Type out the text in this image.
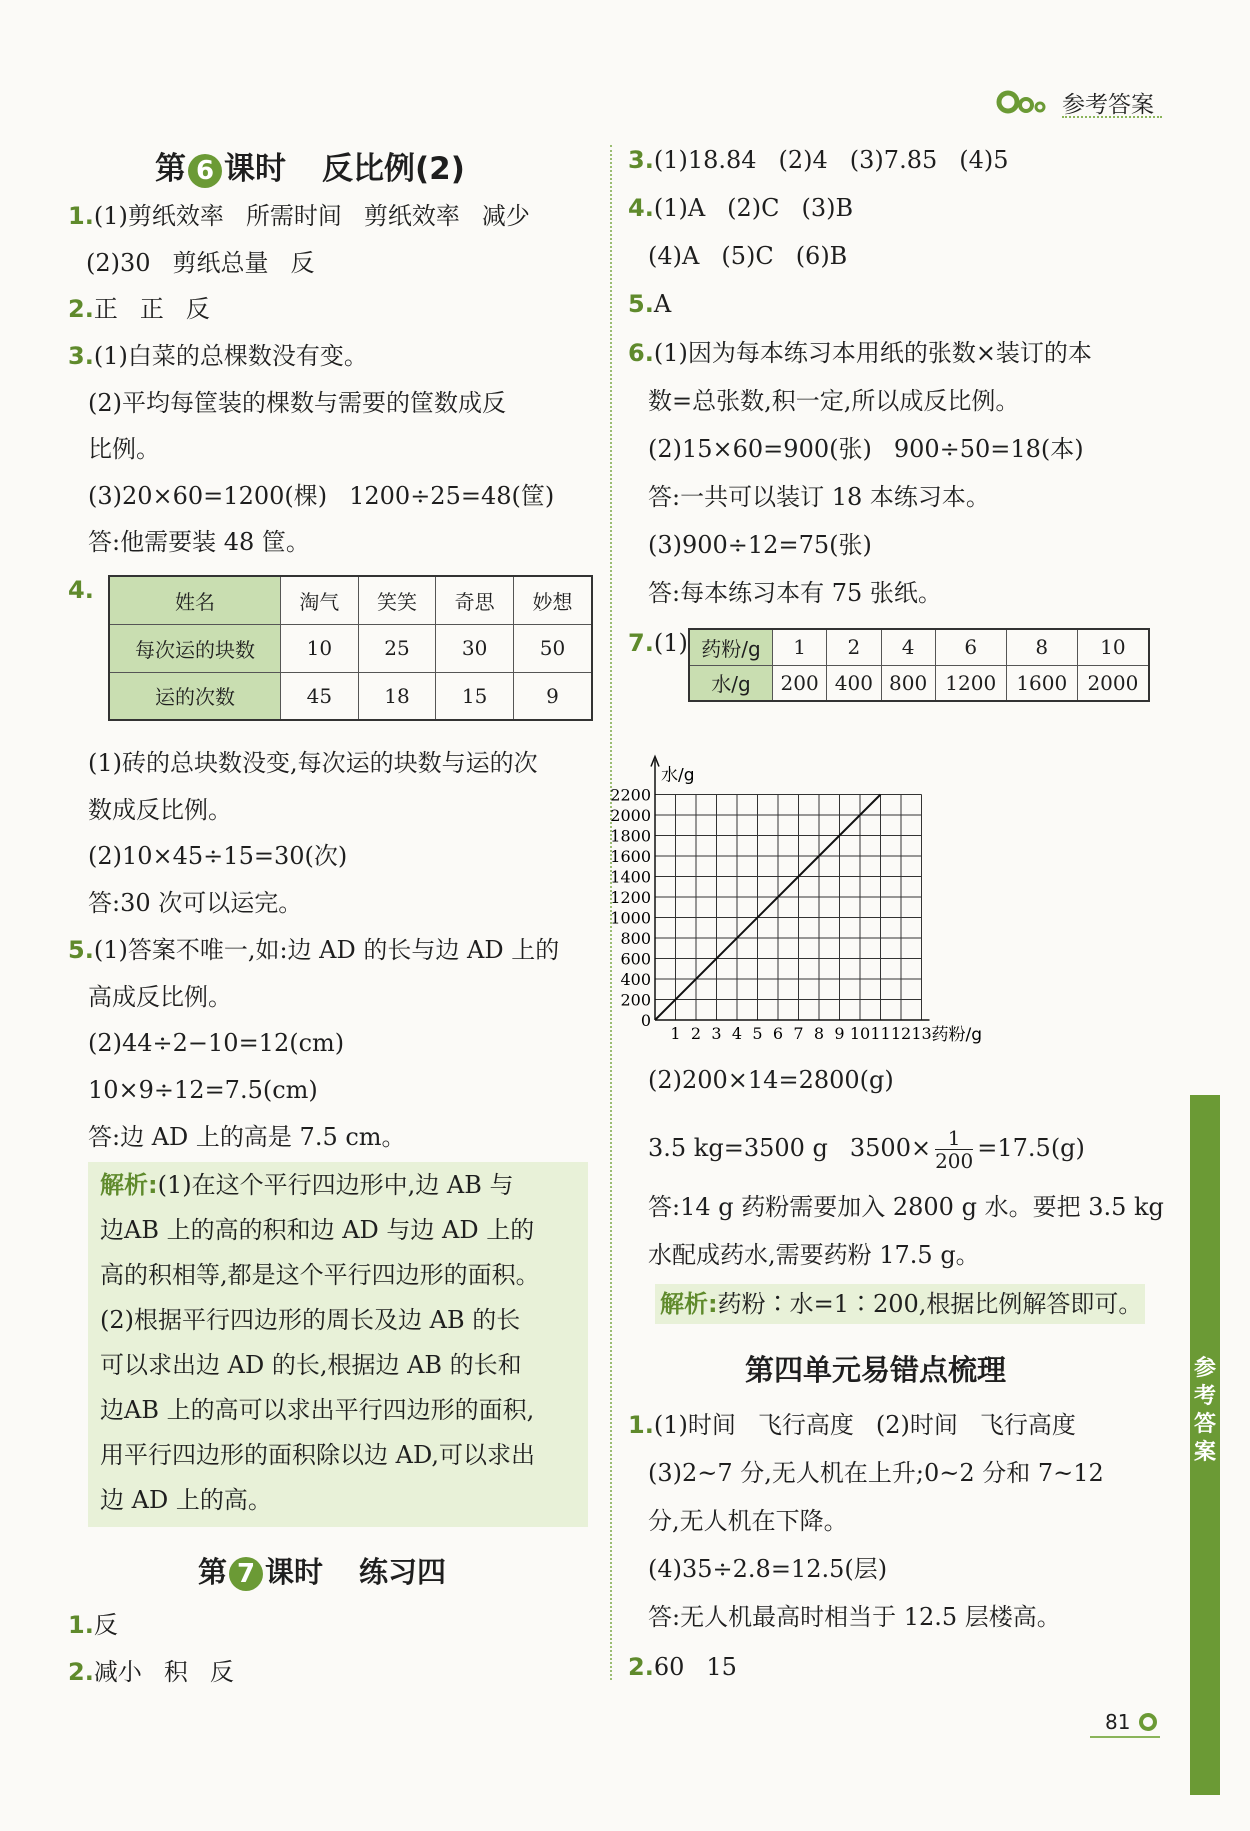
参考答案
参考答案
第 6 课时 反比例(2)
1.(1)剪纸效率 所需时间 剪纸效率 减少
(2)30 剪纸总量 反
2.正 正 反
3.(1)白菜的总棵数没有变。
(2)平均每筐装的棵数与需要的筐数成反
比例。
(3)20×60=1200(棵) 1200÷25=48(筐)
答:他需要装 48 筐。
4.	姓名	淘气	笑笑	奇思	妙想
每次运的块数	10	25	30	50
运的次数	45	18	15	9
(1)砖的总块数没变,每次运的块数与运的次
数成反比例。
(2)10×45÷15=30(次)
答:30 次可以运完。
5.(1)答案不唯一,如:边 AD 的长与边 AD 上的
高成反比例。
(2)44÷2−10=12(cm)
10×9÷12=7.5(cm)
答:边 AD 上的高是 7.5 cm。
解析:(1)在这个平行四边形中,边 AB 与
边AB 上的高的积和边 AD 与边 AD 上的
高的积相等,都是这个平行四边形的面积。
(2)根据平行四边形的周长及边 AB 的长
可以求出边 AD 的长,根据边 AB 的长和
边AB 上的高可以求出平行四边形的面积,
用平行四边形的面积除以边 AD,可以求出
边 AD 上的高。
第 7 课时 练习四
1.反
2.减小 积 反
3.(1)18.84 (2)4 (3)7.85 (4)5
4.(1)A (2)C (3)B
(4)A (5)C (6)B
5.A
6.(1)因为每本练习本用纸的张数×装订的本
数=总张数,积一定,所以成反比例。
(2)15×60=900(张) 900÷50=18(本)
答:一共可以装订 18 本练习本。
(3)900÷12=75(张)
答:每本练习本有 75 张纸。
7.(1) 药粉/g	1	2	4	6	8	10
水/g	200	400	800	1200	1600	2000
1 2 3 4 5 6 7 8 9 10 11 12 13
0
200
400
600
800
1000
1200
1400
1600
1800
2000
2200
药粉/g
水/g
(2)200×14=2800(g)
3.5 kg=3500 g $3500\times \frac{1}{200} =17.5(g)$
答:14 g 药粉需要加入 2800 g 水。要把 3.5 kg
水配成药水,需要药粉 17.5 g。
解析:药粉∶水=1∶200,根据比例解答即可。
第四单元易错点梳理
1.(1)时间 飞行高度 (2)时间 飞行高度
(3)2~7 分,无人机在上升;0~2 分和 7~12
分,无人机在下降。
(4)35÷2.8=12.5(层)
答:无人机最高时相当于 12.5 层楼高。
2.60 15
81
